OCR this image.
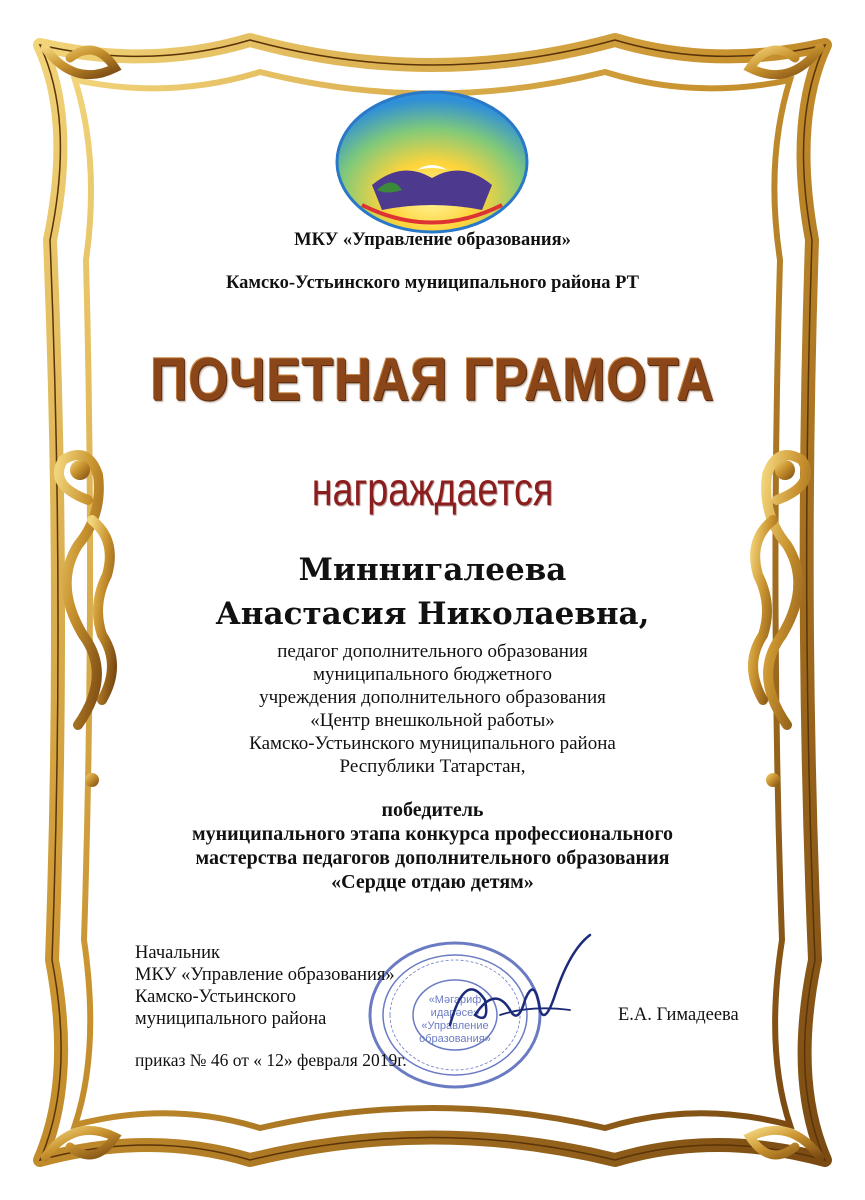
МКУ «Управление образования»
Камско-Устьинского муниципального района РТ
ПОЧЕТНАЯ ГРАМОТА
награждается
Миннигалеева
Анастасия Николаевна,
педагог дополнительного образования
муниципального бюджетного
учреждения дополнительного образования
«Центр внешкольной работы»
Камско-Устьинского муниципального района
Республики Татарстан,
победитель
муниципального этапа конкурса профессионального
мастерства педагогов дополнительного образования
«Сердце отдаю детям»
«Мәгариф
идарәсе»
«Управление
образования»
Начальник
МКУ «Управление образования»
Камско-Устьинского
муниципального района	Е.А. Гимадеева
приказ № 46 от « 12» февраля 2019г.
